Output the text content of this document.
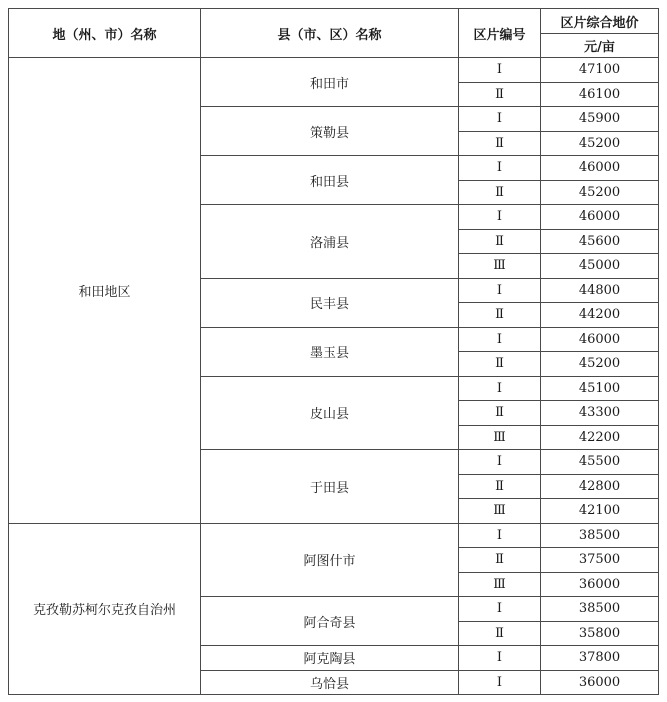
地（州、市）名称	县（市、区）名称	区片编号	区片综合地价
			元/亩
和田地区	和田市	Ⅰ	47100
		Ⅱ	46100
	策勒县	Ⅰ	45900
		Ⅱ	45200
	和田县	Ⅰ	46000
		Ⅱ	45200
	洛浦县	Ⅰ	46000
		Ⅱ	45600
		Ⅲ	45000
	民丰县	Ⅰ	44800
		Ⅱ	44200
	墨玉县	Ⅰ	46000
		Ⅱ	45200
	皮山县	Ⅰ	45100
		Ⅱ	43300
		Ⅲ	42200
	于田县	Ⅰ	45500
		Ⅱ	42800
		Ⅲ	42100
克孜勒苏柯尔克孜自治州	阿图什市	Ⅰ	38500
		Ⅱ	37500
		Ⅲ	36000
	阿合奇县	Ⅰ	38500
		Ⅱ	35800
	阿克陶县	Ⅰ	37800
	乌恰县	Ⅰ	36000
